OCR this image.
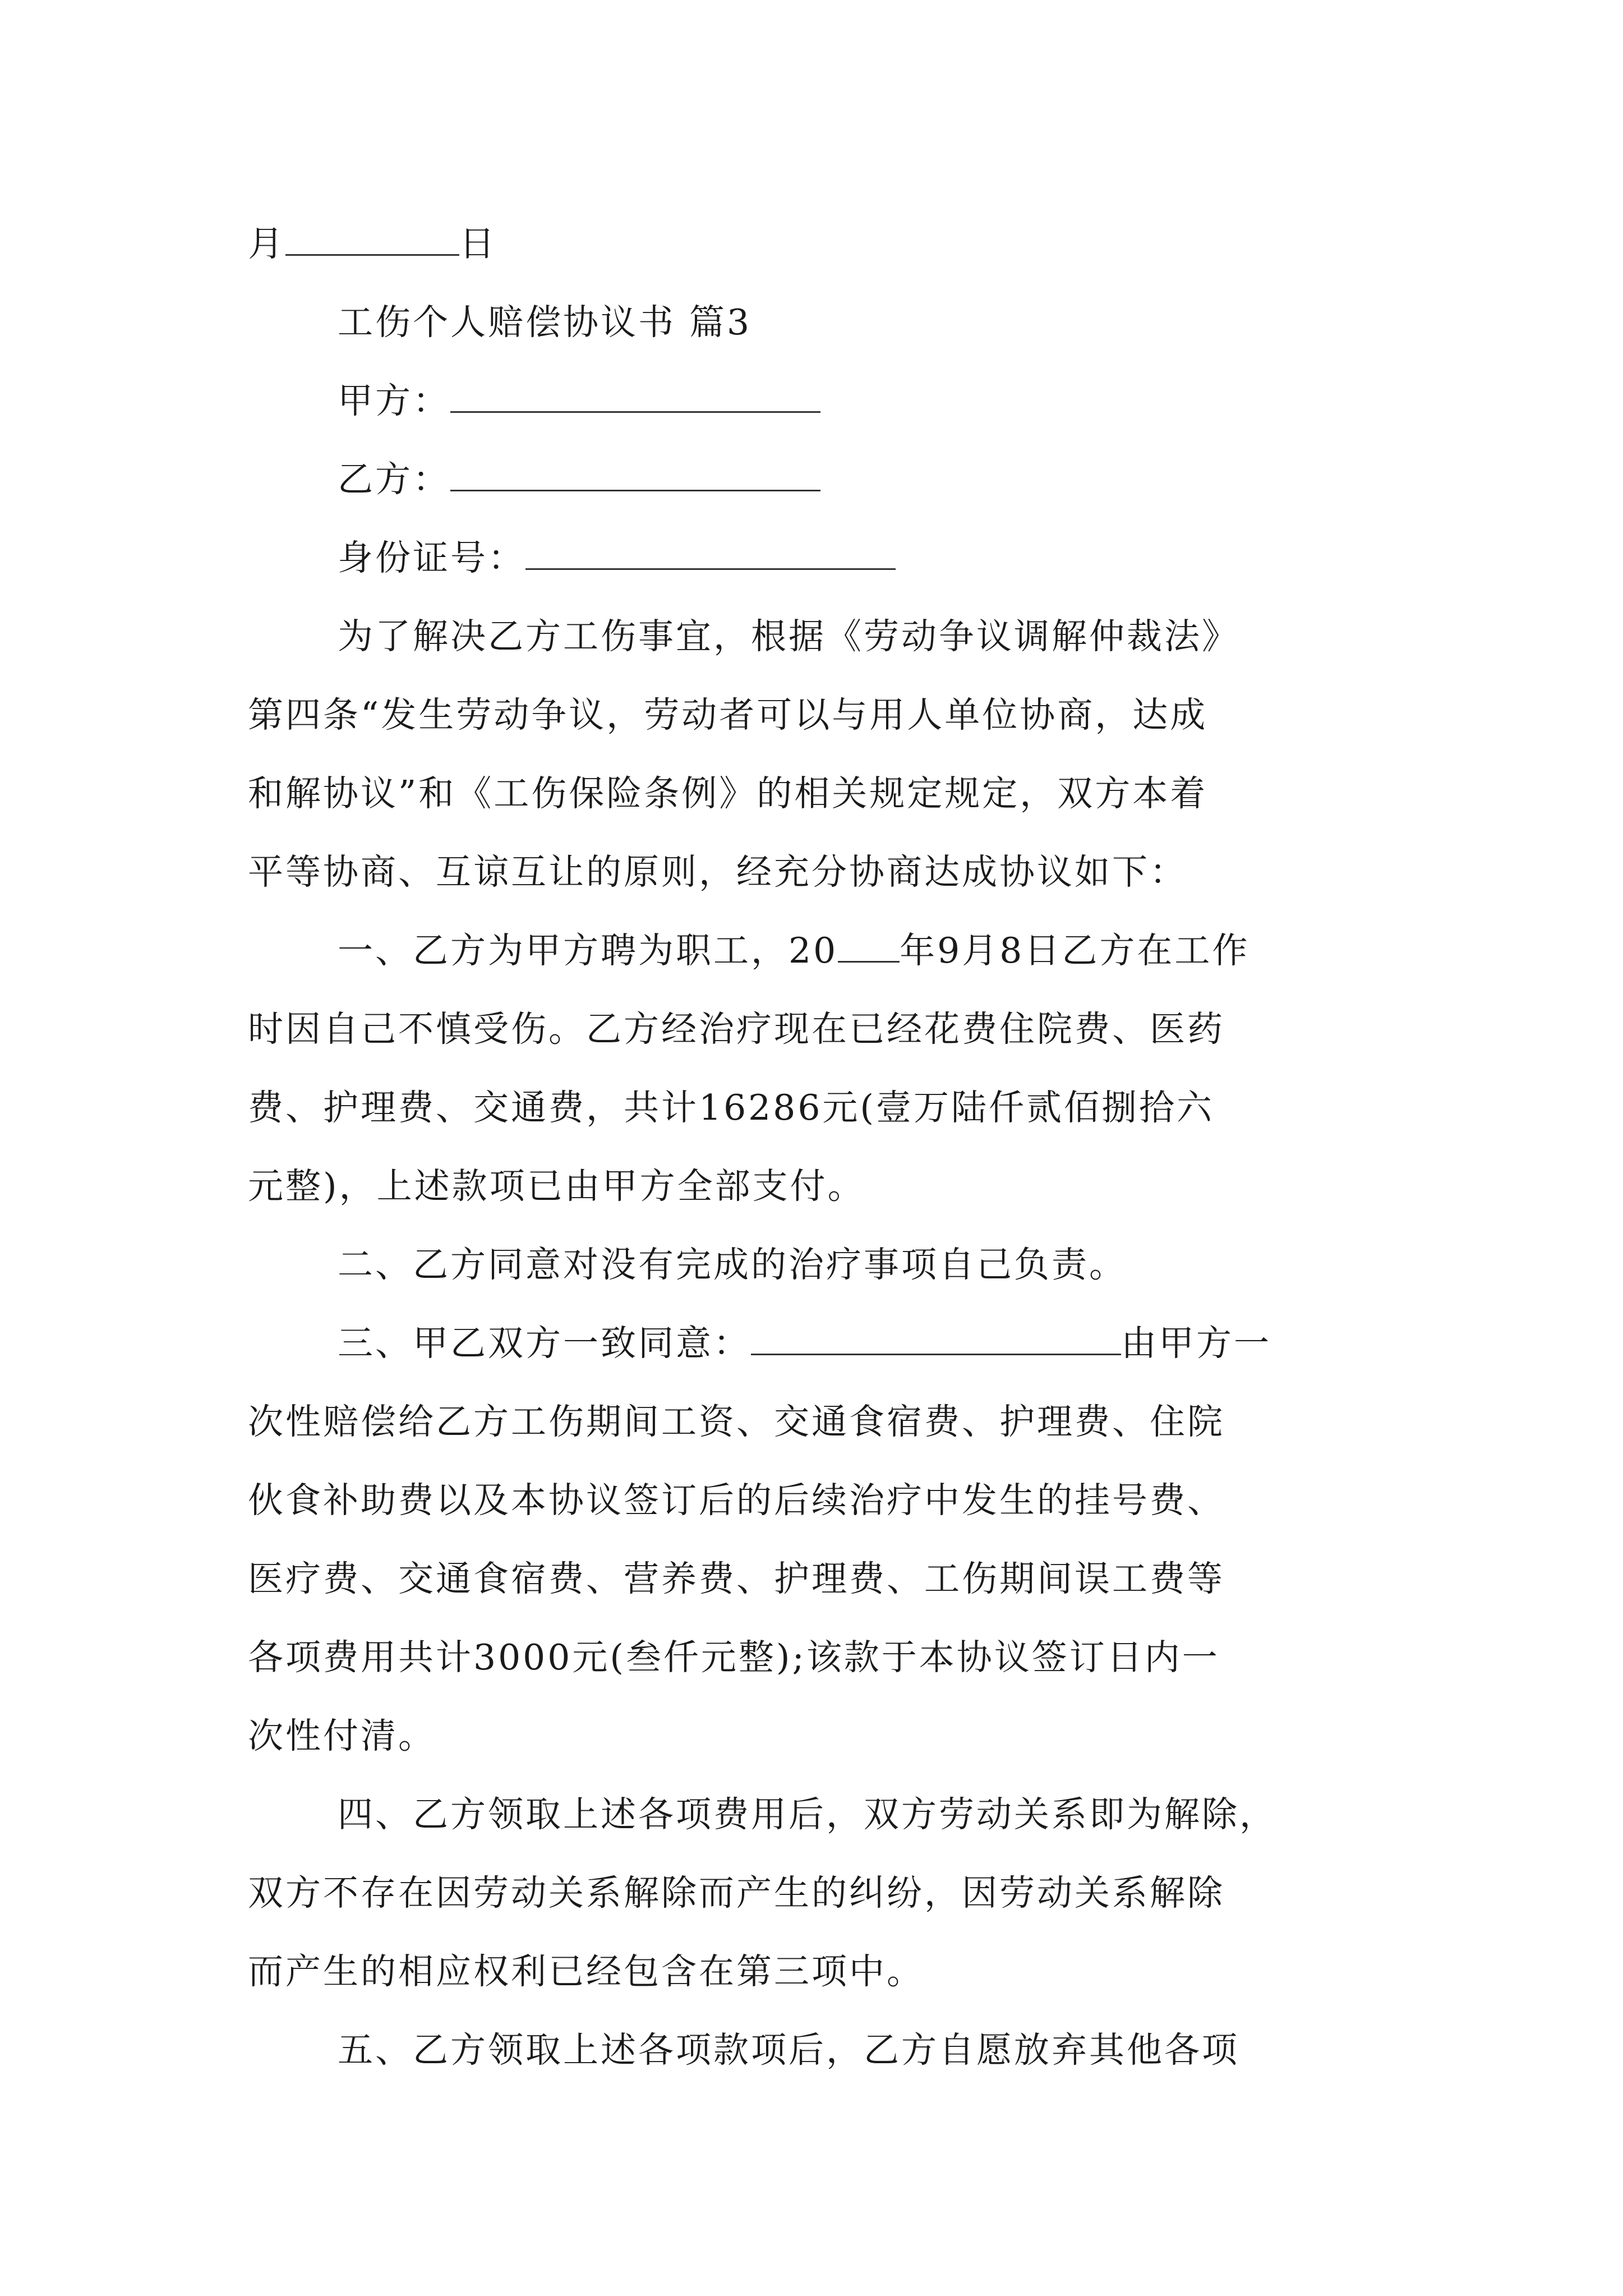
月	日
工伤个人赔偿协议书 篇3
甲方：
乙方：
身份证号：
为了解决乙方工伤事宜，根据《劳动争议调解仲裁法》
第四条“发生劳动争议，劳动者可以与用人单位协商，达成
和解协议”和《工伤保险条例》的相关规定规定，双方本着
平等协商、互谅互让的原则，经充分协商达成协议如下：
一、乙方为甲方聘为职工，20 年9月8日乙方在工作
时因自己不慎受伤。乙方经治疗现在已经花费住院费、医药
费、护理费、交通费，共计16286元(壹万陆仟贰佰捌拾六
元整)，上述款项已由甲方全部支付。
二、乙方同意对没有完成的治疗事项自己负责。
三、甲乙双方一致同意：	由甲方一
次性赔偿给乙方工伤期间工资、交通食宿费、护理费、住院
伙食补助费以及本协议签订后的后续治疗中发生的挂号费、
医疗费、交通食宿费、营养费、护理费、工伤期间误工费等
各项费用共计3000元(叁仟元整);该款于本协议签订日内一
次性付清。
四、乙方领取上述各项费用后，双方劳动关系即为解除，
双方不存在因劳动关系解除而产生的纠纷，因劳动关系解除
而产生的相应权利已经包含在第三项中。
五、乙方领取上述各项款项后，乙方自愿放弃其他各项
